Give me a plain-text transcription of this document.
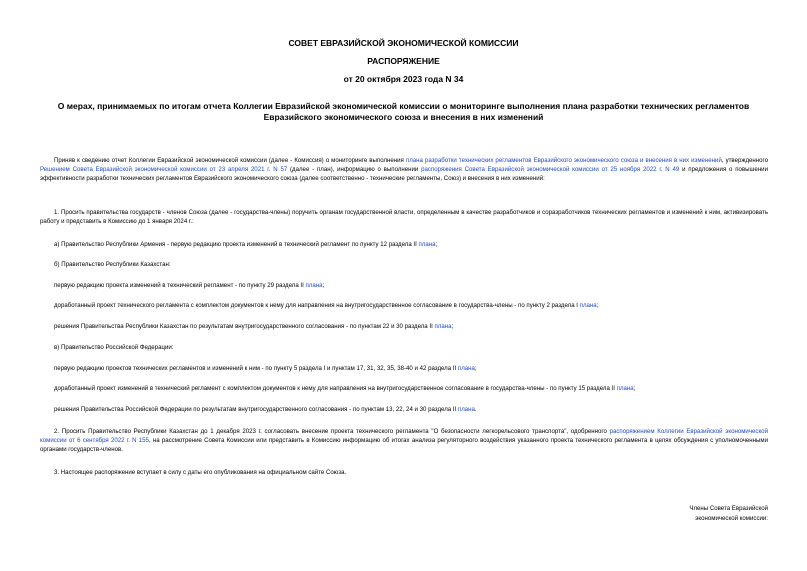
СОВЕТ ЕВРАЗИЙСКОЙ ЭКОНОМИЧЕСКОЙ КОМИССИИ
РАСПОРЯЖЕНИЕ
от 20 октября 2023 года N 34
О мерах, принимаемых по итогам отчета Коллегии Евразийской экономической комиссии о мониторинге выполнения плана разработки технических регламентов Евразийского экономического союза и внесения в них изменений
Приняв к сведению отчет Коллегии Евразийской экономической комиссии (далее - Комиссия) о мониторинге выполнения плана разработки технических регламентов Евразийского экономического союза и внесения в них изменений, утвержденного Решением Совета Евразийской экономической комиссии от 23 апреля 2021 г. N 57 (далее - план), информацию о выполнении распоряжения Совета Евразийской экономической комиссии от 25 ноября 2022 г. N 49 и предложения о повышении эффективности разработки технических регламентов Евразийского экономического союза (далее соответственно - технические регламенты, Союз) и внесения в них изменений:
1. Просить правительства государств - членов Союза (далее - государства-члены) поручить органам государственной власти, определенным в качестве разработчиков и соразработчиков технических регламентов и изменений к ним, активизировать работу и представить в Комиссию до 1 января 2024 г.:
а) Правительство Республики Армения - первую редакцию проекта изменений в технический регламент по пункту 12 раздела II плана;
б) Правительство Республики Казахстан:
первую редакцию проекта изменений в технический регламент - по пункту 29 раздела II плана;
доработанный проект технического регламента с комплектом документов к нему для направления на внутригосударственное согласование в государства-члены - по пункту 2 раздела I плана;
решения Правительства Республики Казахстан по результатам внутригосударственного согласования - по пунктам 22 и 30 раздела II плана;
в) Правительство Российской Федерации:
первую редакцию проектов технических регламентов и изменений к ним - по пункту 5 раздела I и пунктам 17, 31, 32, 35, 38-40 и 42 раздела II плана;
доработанный проект изменений в технический регламент с комплектом документов к нему для направления на внутригосударственное согласование в государства-члены - по пункту 15 раздела II плана;
решения Правительства Российской Федерации по результатам внутригосударственного согласования - по пунктам 13, 22, 24 и 30 раздела II плана.
2. Просить Правительство Республики Казахстан до 1 декабря 2023 г. согласовать внесение проекта технического регламента "О безопасности легкорельсового транспорта", одобренного распоряжением Коллегии Евразийской экономической комиссии от 6 сентября 2022 г. N 155, на рассмотрение Совета Комиссии или представить в Комиссию информацию об итогах анализа регуляторного воздействия указанного проекта технического регламента в целях обсуждения с уполномоченными органами государств-членов.
3. Настоящее распоряжение вступает в силу с даты его опубликования на официальном сайте Союза.
Члены Совета Евразийской
экономической комиссии:
